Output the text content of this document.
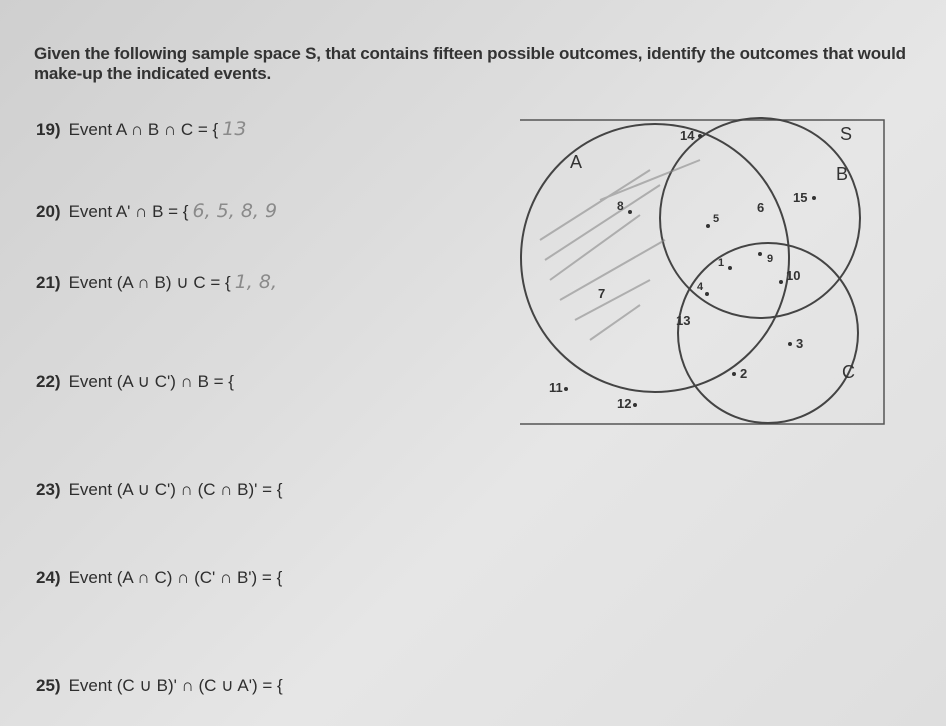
Given the following sample space S, that contains fifteen possible outcomes, identify the outcomes that would make-up the indicated events.
19) Event A ∩ B ∩ C = { 13
20) Event A' ∩ B = { 6, 5, 8, 9
21) Event (A ∩ B) ∪ C = { 1, 8,
22) Event (A ∪ C') ∩ B = {
23) Event (A ∪ C') ∩ (C ∩ B)' = {
24) Event (A ∩ C) ∩ (C' ∩ B') = {
25) Event (C ∪ B)' ∩ (C ∪ A') = {
S
A
B
C
14
15
6
8
5
9
1
4
10
7
13
3
2
11
12
